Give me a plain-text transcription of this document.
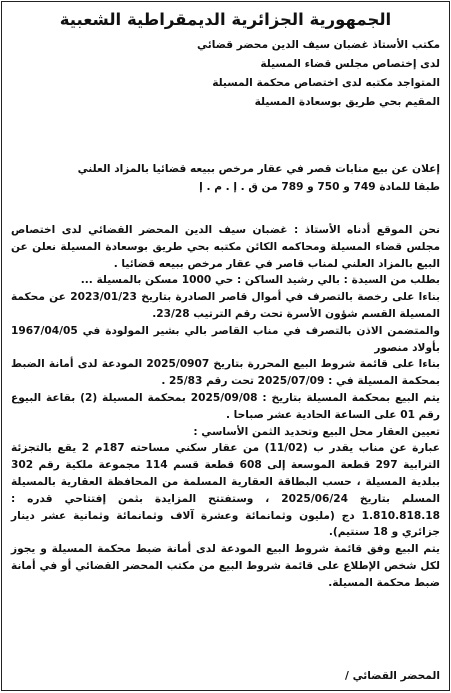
الجمهورية الجزائرية الديمقراطية الشعبية

مكتب الأستاذ غضبان سيف الدين محضر قضائي

لدى إختصاص مجلس قضاء المسيلة

المتواجد مكتبه لدى اختصاص محكمة المسيلة

المقيم بحي طريق بوسعادة المسيلة

إعلان عن بيع منابات قصر في عقار مرخص ببيعه قضائيا بالمزاد العلني

طبقا للمادة 749 و 750 و 789 من ق . إ . م . إ

نحن الموقع أدناه الأستاذ : غضبان سيف الدين المحضر القضائي لدى اختصاص مجلس قضاء المسيلة ومحاكمه الكائن مكتبه بحي طريق بوسعادة المسيلة نعلن عن البيع بالمزاد العلني لمناب قاصر في عقار مرخص ببيعه قضائيا .

بطلب من السيدة : بالي رشيد الساكن : حي 1000 مسكن بالمسيلة ...

بناءا على رخصة بالتصرف في أموال قاصر الصادرة بتاريخ 2023/01/23 عن محكمة المسيلة القسم شؤون الأسرة تحت رقم الترتيب 23/28.

والمتضمن الاذن بالتصرف في مناب القاصر بالي بشير المولودة في 1967/04/05 بأولاد منصور

بناءا على قائمة شروط البيع المحررة بتاريخ 2025/0907 المودعة لدى أمانة الضبط بمحكمة المسيلة في : 2025/07/09 تحت رقم 25/83 .

يتم البيع بمحكمة المسيلة بتاريخ : 2025/09/08 بمحكمة المسيلة (2) بقاعة البيوع رقم 01 على الساعة الحادية عشر صباحا .

تعيين العقار محل البيع وتحديد الثمن الأساسي :

عبارة عن مناب يقدر ب (11/02) من عقار سكني مساحته 187م 2 يقع بالتجزئة الترابية 297 قطعة الموسعة إلى 608 قطعة قسم 114 مجموعة ملكية رقم 302 ببلدية المسيلة ، حسب البطاقة العقارية المسلمة من المحافظة العقارية بالمسيلة المسلم بتاريخ 2025/06/24 ، وستفتتح المزايدة بثمن إفتتاحي قدره : 1.810.818.18 دج (مليون وثمانمائة وعشرة آلاف وثمانمائة وثمانية عشر دينار جزائري و 18 سنتيم).

يتم البيع وفق قائمة شروط البيع المودعة لدى أمانة ضبط محكمة المسيلة و يجوز لكل شخص الإطلاع على قائمة شروط البيع من مكتب المحضر القضائي أو في أمانة ضبط محكمة المسيلة.

المحضر القضائي /
